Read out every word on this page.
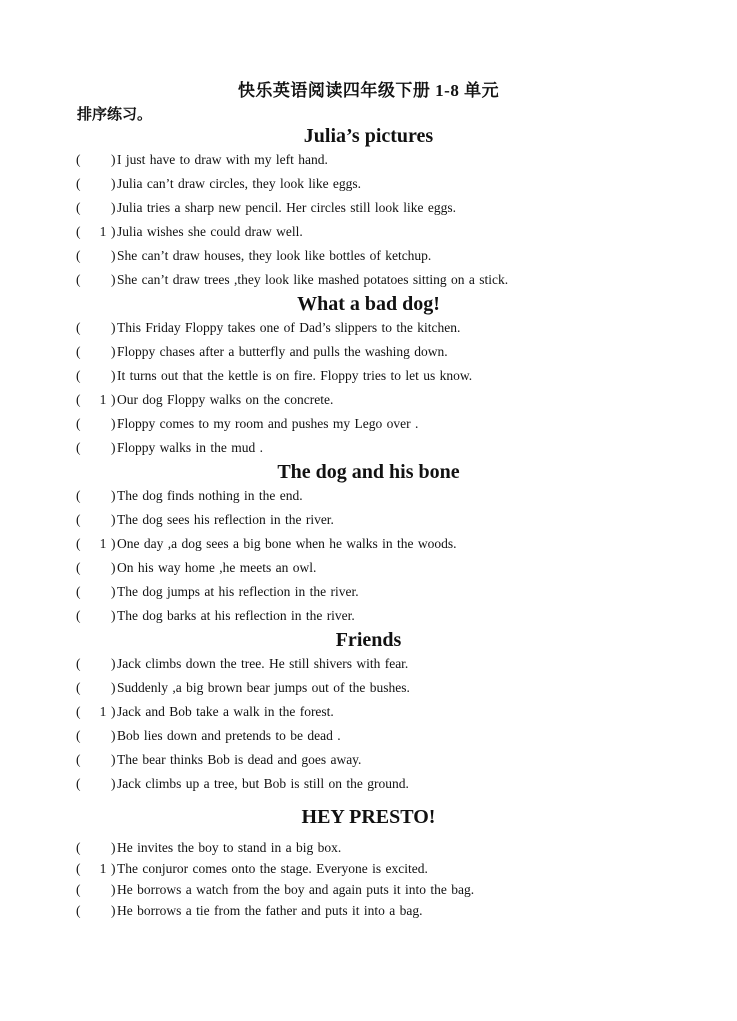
快乐英语阅读四年级下册 1-8 单元
排序练习。
Julia’s pictures
( ) I just have to draw with my left hand.
( ) Julia can’t draw circles, they look like eggs.
( ) Julia tries a sharp new pencil. Her circles still look like eggs.
( 1 ) Julia wishes she could draw well.
( ) She can’t draw houses, they look like bottles of ketchup.
( ) She can’t draw trees ,they look like mashed potatoes sitting on a stick.
What a bad dog!
( ) This Friday Floppy takes one of Dad’s slippers to the kitchen.
( ) Floppy chases after a butterfly and pulls the washing down.
( ) It turns out that the kettle is on fire. Floppy tries to let us know.
( 1 ) Our dog Floppy walks on the concrete.
( ) Floppy comes to my room and pushes my Lego over .
( ) Floppy walks in the mud .
The dog and his bone
( ) The dog finds nothing in the end.
( ) The dog sees his reflection in the river.
( 1 ) One day ,a dog sees a big bone when he walks in the woods.
( ) On his way home ,he meets an owl.
( ) The dog jumps at his reflection in the river.
( ) The dog barks at his reflection in the river.
Friends
( ) Jack climbs down the tree. He still shivers with fear.
( ) Suddenly ,a big brown bear jumps out of the bushes.
( 1 ) Jack and Bob take a walk in the forest.
( ) Bob lies down and pretends to be dead .
( ) The bear thinks Bob is dead and goes away.
( ) Jack climbs up a tree, but Bob is still on the ground.
HEY PRESTO!
( ) He invites the boy to stand in a big box.
( 1 ) The conjuror comes onto the stage. Everyone is excited.
( ) He borrows a watch from the boy and again puts it into the bag.
( ) He borrows a tie from the father and puts it into a bag.
